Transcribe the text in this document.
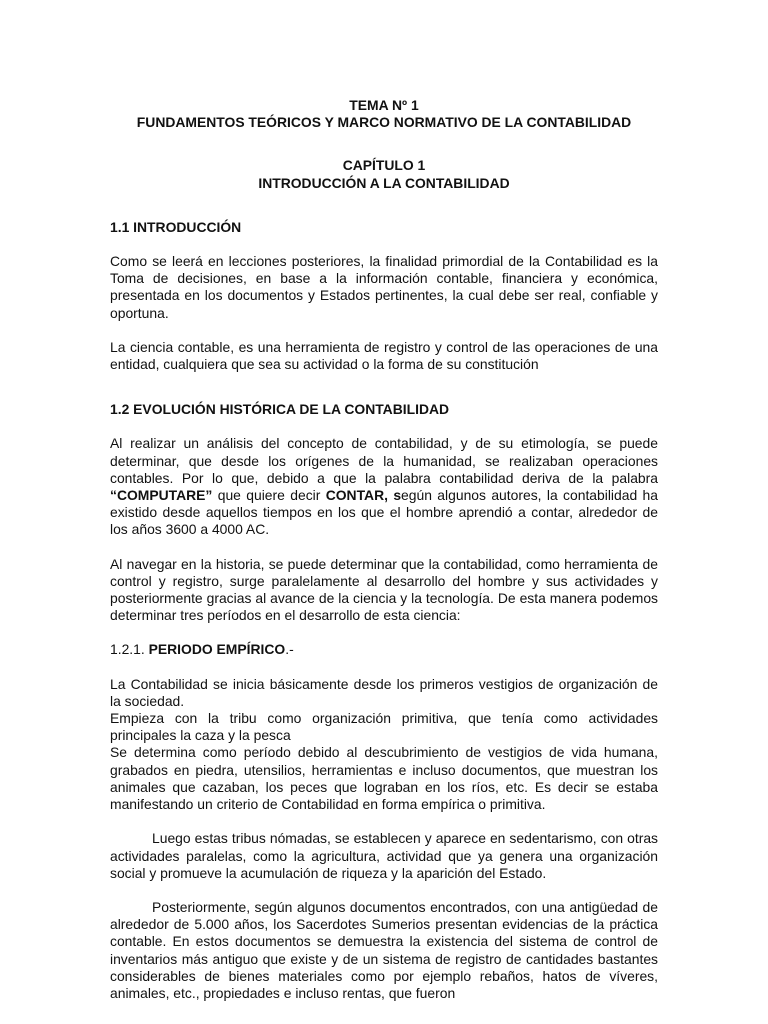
TEMA Nº 1

FUNDAMENTOS TEÓRICOS Y MARCO NORMATIVO DE LA CONTABILIDAD

CAPÍTULO 1

INTRODUCCIÓN A LA CONTABILIDAD

1.1 INTRODUCCIÓN

Como se leerá en lecciones posteriores, la finalidad primordial de la Contabilidad es la Toma de decisiones, en base a la información contable, financiera y económica, presentada en los documentos y Estados pertinentes, la cual debe ser real, confiable y oportuna.

La ciencia contable, es una herramienta de registro y control de las operaciones de una entidad, cualquiera que sea su actividad o la forma de su constitución

1.2 EVOLUCIÓN HISTÓRICA DE LA CONTABILIDAD

Al realizar un análisis del concepto de contabilidad, y de su etimología, se puede determinar, que desde los orígenes de la humanidad, se realizaban operaciones contables. Por lo que, debido a que la palabra contabilidad deriva de la palabra “COMPUTARE” que quiere decir CONTAR, según algunos autores, la contabilidad ha existido desde aquellos tiempos en los que el hombre aprendió a contar, alrededor de los años 3600 a 4000 AC.

Al navegar en la historia, se puede determinar que la contabilidad, como herramienta de control y registro, surge paralelamente al desarrollo del hombre y sus actividades y posteriormente gracias al avance de la ciencia y la tecnología. De esta manera podemos determinar tres períodos en el desarrollo de esta ciencia:

1.2.1. PERIODO EMPÍRICO.-

La Contabilidad se inicia básicamente desde los primeros vestigios de organización de la sociedad.

Empieza con la tribu como organización primitiva, que tenía como actividades principales la caza y la pesca

Se determina como período debido al descubrimiento de vestigios de vida humana, grabados en piedra, utensilios, herramientas e incluso documentos, que muestran los animales que cazaban, los peces que lograban en los ríos, etc. Es decir se estaba manifestando un criterio de Contabilidad en forma empírica o primitiva.

Luego estas tribus nómadas, se establecen y aparece en sedentarismo, con otras actividades paralelas, como la agricultura, actividad que ya genera una organización social y promueve la acumulación de riqueza y la aparición del Estado.

Posteriormente, según algunos documentos encontrados, con una antigüedad de alrededor de 5.000 años, los Sacerdotes Sumerios presentan evidencias de la práctica contable. En estos documentos se demuestra la existencia del sistema de control de inventarios más antiguo que existe y de un sistema de registro de cantidades bastantes considerables de bienes materiales como por ejemplo rebaños, hatos de víveres, animales, etc., propiedades e incluso rentas, que fueron
